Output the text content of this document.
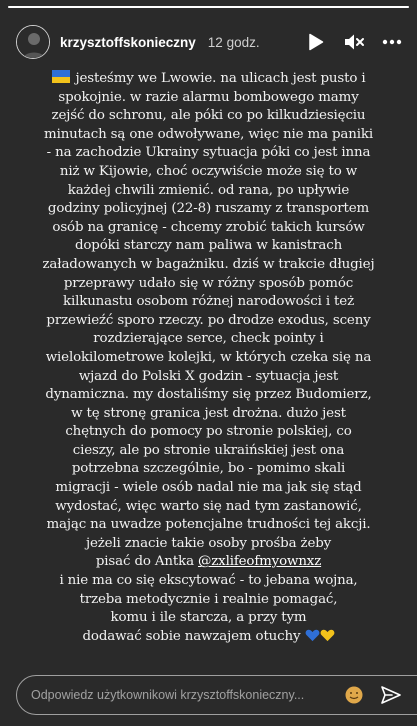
krzysztoffskonieczny 12 godz.
jesteśmy we Lwowie. na ulicach jest pusto i
spokojnie. w razie alarmu bombowego mamy
zejść do schronu, ale póki co po kilkudziesięciu
minutach są one odwoływane, więc nie ma paniki
- na zachodzie Ukrainy sytuacja póki co jest inna
niż w Kijowie, choć oczywiście może się to w
każdej chwili zmienić. od rana, po upływie
godziny policyjnej (22-8) ruszamy z transportem
osób na granicę - chcemy zrobić takich kursów
dopóki starczy nam paliwa w kanistrach
załadowanych w bagażniku. dziś w trakcie długiej
przeprawy udało się w różny sposób pomóc
kilkunastu osobom różnej narodowości i też
przewieźć sporo rzeczy. po drodze exodus, sceny
rozdzierające serce, check pointy i
wielokilometrowe kolejki, w których czeka się na
wjazd do Polski X godzin - sytuacja jest
dynamiczna. my dostaliśmy się przez Budomierz,
w tę stronę granica jest drożna. dużo jest
chętnych do pomocy po stronie polskiej, co
cieszy, ale po stronie ukraińskiej jest ona
potrzebna szczególnie, bo - pomimo skali
migracji - wiele osób nadal nie ma jak się stąd
wydostać, więc warto się nad tym zastanowić,
mając na uwadze potencjalne trudności tej akcji.
jeżeli znacie takie osoby prośba żeby
pisać do Antka @zxlifeofmyownxz
i nie ma co się ekscytować - to jebana wojna,
trzeba metodycznie i realnie pomagać,
komu i ile starcza, a przy tym
dodawać sobie nawzajem otuchy
Odpowiedz użytkownikowi krzysztoffskonieczny...
